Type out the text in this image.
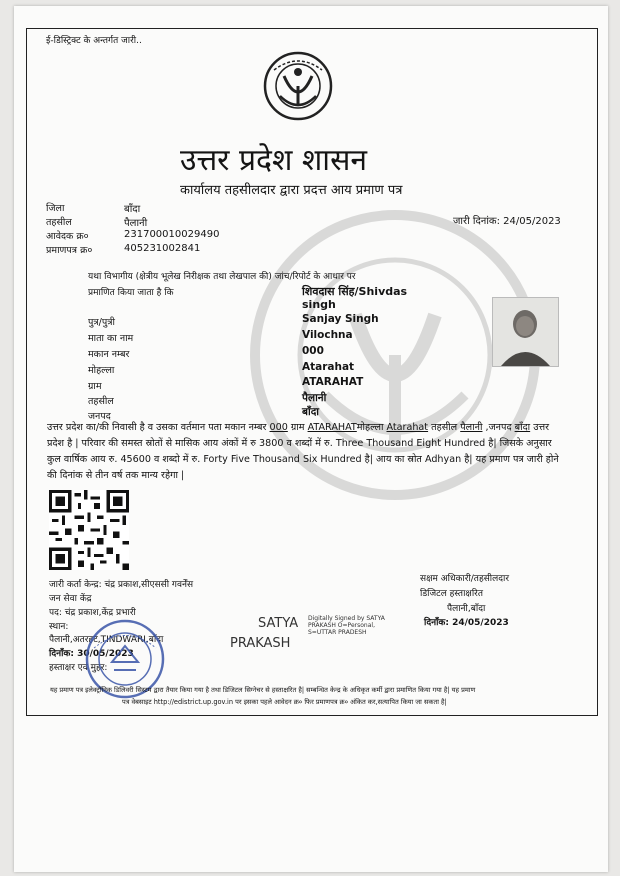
ई-डिस्ट्रिक्ट के अन्तर्गत जारी..
उत्तर प्रदेश शासन
कार्यालय तहसीलदार द्वारा प्रदत्त आय प्रमाण पत्र
जिला	बाँदा
तहसील	पैलानी
आवेदक क्र०	231700010029490
प्रमाणपत्र क्र०	405231002841
जारी दिनांक: 24/05/2023
यथा विभागीय (क्षेत्रीय भूलेख निरीक्षक तथा लेखपाल की) जांच/रिपोर्ट के आधार पर
प्रमाणित किया जाता है कि	शिवदास सिंह/Shivdas
singh
पुत्र/पुत्री	Sanjay Singh
माता का नाम	Vilochna
मकान नम्बर	000
मोहल्ला	Atarahat
ग्राम	ATARAHAT
तहसील	पैलानी
जनपद	बाँदा
उत्तर प्रदेश का/की निवासी है व उसका वर्तमान पता मकान नम्बर 000 ग्राम ATARAHATमोहल्ला Atarahat तहसील पैलानी ,जनपद बाँदा उत्तर प्रदेश है | परिवार की समस्त स्रोतों से मासिक आय अंकों में रु 3800 व शब्दों में रु. Three Thousand Eight Hundred है| जिसके अनुसार कुल वार्षिक आय रु. 45600 व शब्दो में रु. Forty Five Thousand Six Hundred है| आय का स्रोत Adhyan है| यह प्रमाण पत्र जारी होने की दिनांक से तीन वर्ष तक मान्य रहेगा |
जारी कर्ता केन्द्र: चंद्र प्रकाश,सीएससी गवर्नेंस
जन सेवा केंद्र
पद: चंद्र प्रकाश,केंद्र प्रभारी
स्थान:
पैलानी,अतरहट,TINDWARI,बाँदा
दिनाँक: 30/05/2023
हस्ताक्षर एवं मुहर:
SATYA
PRAKASH
Digitally Signed by SATYA
PRAKASH O=Personal,
S=UTTAR PRADESH
सक्षम अधिकारी/तहसीलदार
डिजिटल हस्ताक्षरित
पैलानी,बाँदा
दिनाँक: 24/05/2023
यह प्रमाण पत्र इलेक्ट्रॉनिक डिलिवरी सिस्टम द्वारा तैयार किया गया है तथा डिजिटल सिग्नेचर से हस्ताक्षरित है| सम्बन्धित केन्द्र के अधिकृत कर्मी द्वारा प्रमाणित किया गया है| यह प्रमाण
पत्र वेबसाइट http://edistrict.up.gov.in पर इसका पहले आवेदन क्र० फिर प्रमाणपत्र क्र० अंकित कर,सत्यापित किया जा सकता है|
